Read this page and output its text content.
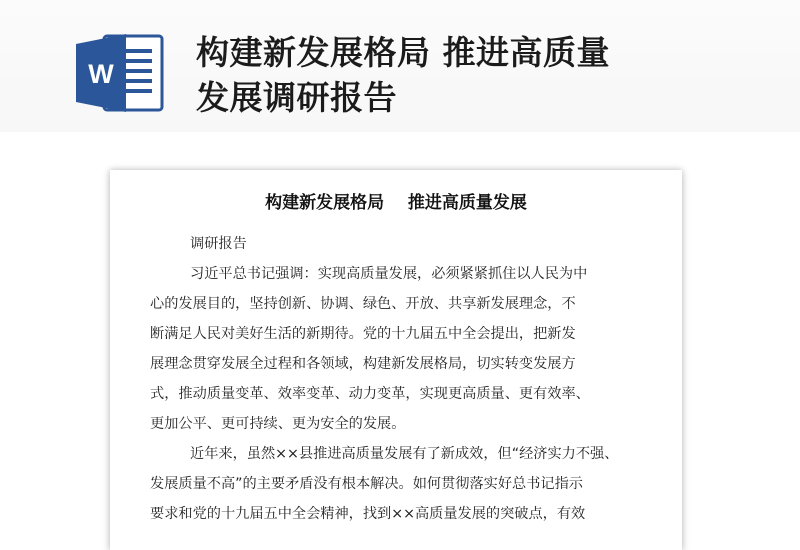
W
构建新发展格局 推进高质量
发展调研报告
构建新发展格局    推进高质量发展
调研报告
习近平总书记强调：实现高质量发展，必须紧紧抓住以人民为中
心的发展目的，坚持创新、协调、绿色、开放、共享新发展理念，不
断满足人民对美好生活的新期待。党的十九届五中全会提出，把新发
展理念贯穿发展全过程和各领域，构建新发展格局，切实转变发展方
式，推动质量变革、效率变革、动力变革，实现更高质量、更有效率、
更加公平、更可持续、更为安全的发展。
近年来，虽然××县推进高质量发展有了新成效，但“经济实力不强、
发展质量不高”的主要矛盾没有根本解决。如何贯彻落实好总书记指示
要求和党的十九届五中全会精神，找到××高质量发展的突破点，有效
